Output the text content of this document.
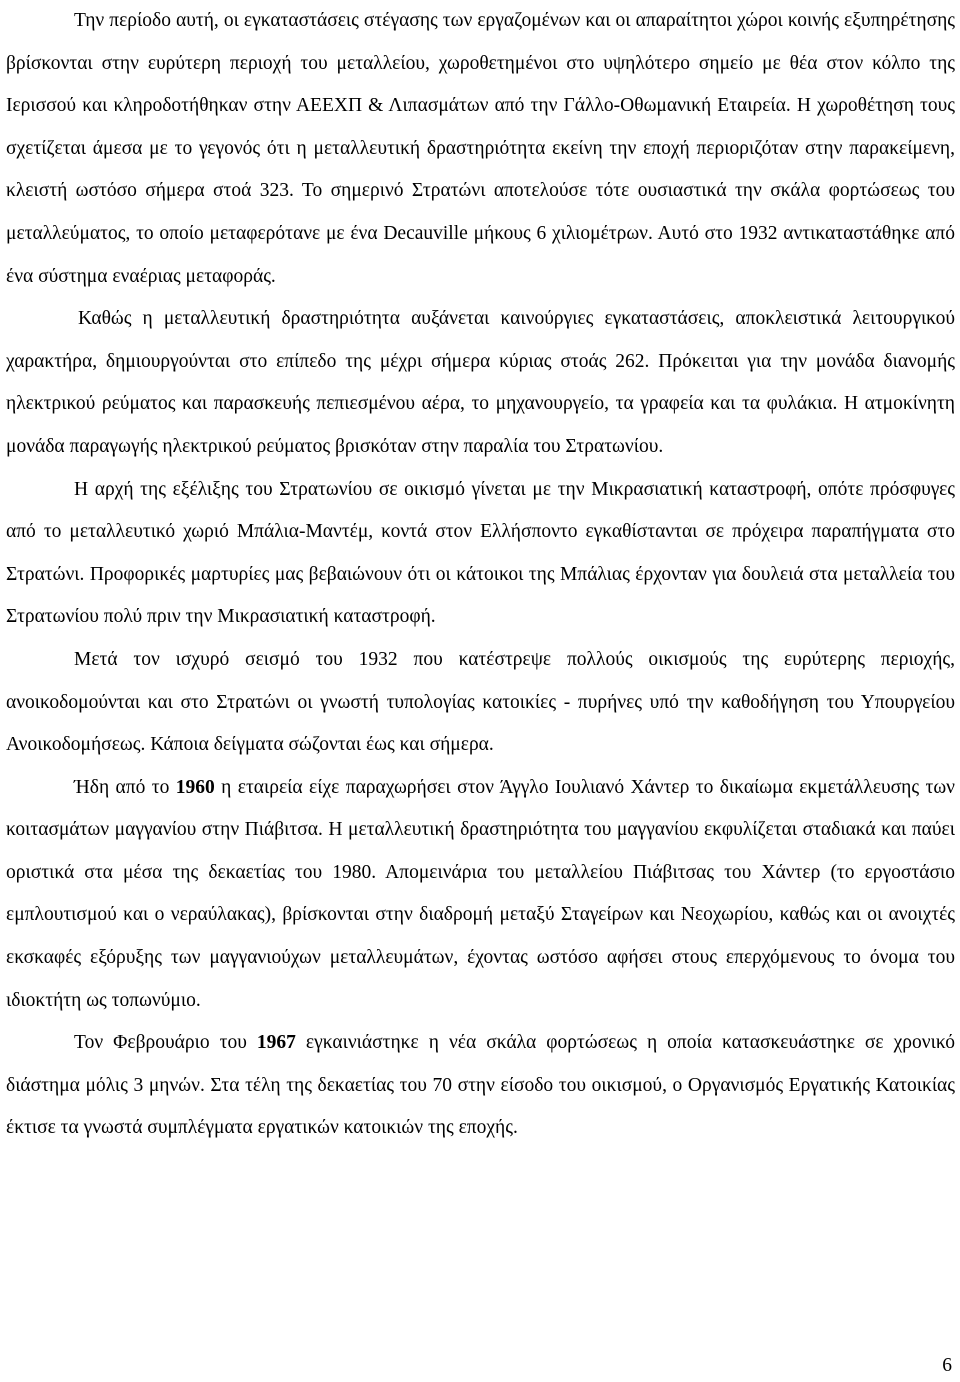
Την περίοδο αυτή, οι εγκαταστάσεις στέγασης των εργαζομένων και οι απαραίτητοι χώροι κοινής εξυπηρέτησης βρίσκονται στην ευρύτερη περιοχή του μεταλλείου, χωροθετημένοι στο υψηλότερο σημείο με θέα στον κόλπο της Ιερισσού και κληροδοτήθηκαν στην ΑΕΕΧΠ & Λιπασμάτων από την Γάλλο-Οθωμανική Εταιρεία. Η χωροθέτηση τους σχετίζεται άμεσα με το γεγονός ότι η μεταλλευτική δραστηριότητα εκείνη την εποχή περιοριζόταν στην παρακείμενη, κλειστή ωστόσο σήμερα στοά 323. Το σημερινό Στρατώνι αποτελούσε τότε ουσιαστικά την σκάλα φορτώσεως του μεταλλεύματος, το οποίο μεταφερότανε με ένα Decauville μήκους 6 χιλιομέτρων. Αυτό στο 1932 αντικαταστάθηκε από ένα σύστημα εναέριας μεταφοράς.

Καθώς η μεταλλευτική δραστηριότητα αυξάνεται καινούργιες εγκαταστάσεις, αποκλειστικά λειτουργικού χαρακτήρα, δημιουργούνται στο επίπεδο της μέχρι σήμερα κύριας στοάς 262. Πρόκειται για την μονάδα διανομής ηλεκτρικού ρεύματος και παρασκευής πεπιεσμένου αέρα, το μηχανουργείο, τα γραφεία και τα φυλάκια. Η ατμοκίνητη μονάδα παραγωγής ηλεκτρικού ρεύματος βρισκόταν στην παραλία του Στρατωνίου.

Η αρχή της εξέλιξης του Στρατωνίου σε οικισμό γίνεται με την Μικρασιατική καταστροφή, οπότε πρόσφυγες από το μεταλλευτικό χωριό Μπάλια-Μαντέμ, κοντά στον Ελλήσποντο εγκαθίστανται σε πρόχειρα παραπήγματα στο Στρατώνι. Προφορικές μαρτυρίες μας βεβαιώνουν ότι οι κάτοικοι της Μπάλιας έρχονταν για δουλειά στα μεταλλεία του Στρατωνίου πολύ πριν την Μικρασιατική καταστροφή.

Μετά τον ισχυρό σεισμό του 1932 που κατέστρεψε πολλούς οικισμούς της ευρύτερης περιοχής, ανοικοδομούνται και στο Στρατώνι οι γνωστή τυπολογίας κατοικίες - πυρήνες υπό την καθοδήγηση του Υπουργείου Ανοικοδομήσεως. Κάποια δείγματα σώζονται έως και σήμερα.

Ήδη από το 1960 η εταιρεία είχε παραχωρήσει στον Άγγλο Ιουλιανό Χάντερ το δικαίωμα εκμετάλλευσης των κοιτασμάτων μαγγανίου στην Πιάβιτσα. Η μεταλλευτική δραστηριότητα του μαγγανίου εκφυλίζεται σταδιακά και παύει οριστικά στα μέσα της δεκαετίας του 1980. Απομεινάρια του μεταλλείου Πιάβιτσας του Χάντερ (το εργοστάσιο εμπλουτισμού και ο νεραύλακας), βρίσκονται στην διαδρομή μεταξύ Σταγείρων και Νεοχωρίου, καθώς και οι ανοιχτές εκσκαφές εξόρυξης των μαγγανιούχων μεταλλευμάτων, έχοντας ωστόσο αφήσει στους επερχόμενους το όνομα του ιδιοκτήτη ως τοπωνύμιο.

Τον Φεβρουάριο του 1967 εγκαινιάστηκε η νέα σκάλα φορτώσεως η οποία κατασκευάστηκε σε χρονικό διάστημα μόλις 3 μηνών. Στα τέλη της δεκαετίας του 70 στην είσοδο του οικισμού, ο Οργανισμός Εργατικής Κατοικίας έκτισε τα γνωστά συμπλέγματα εργατικών κατοικιών της εποχής.

6
